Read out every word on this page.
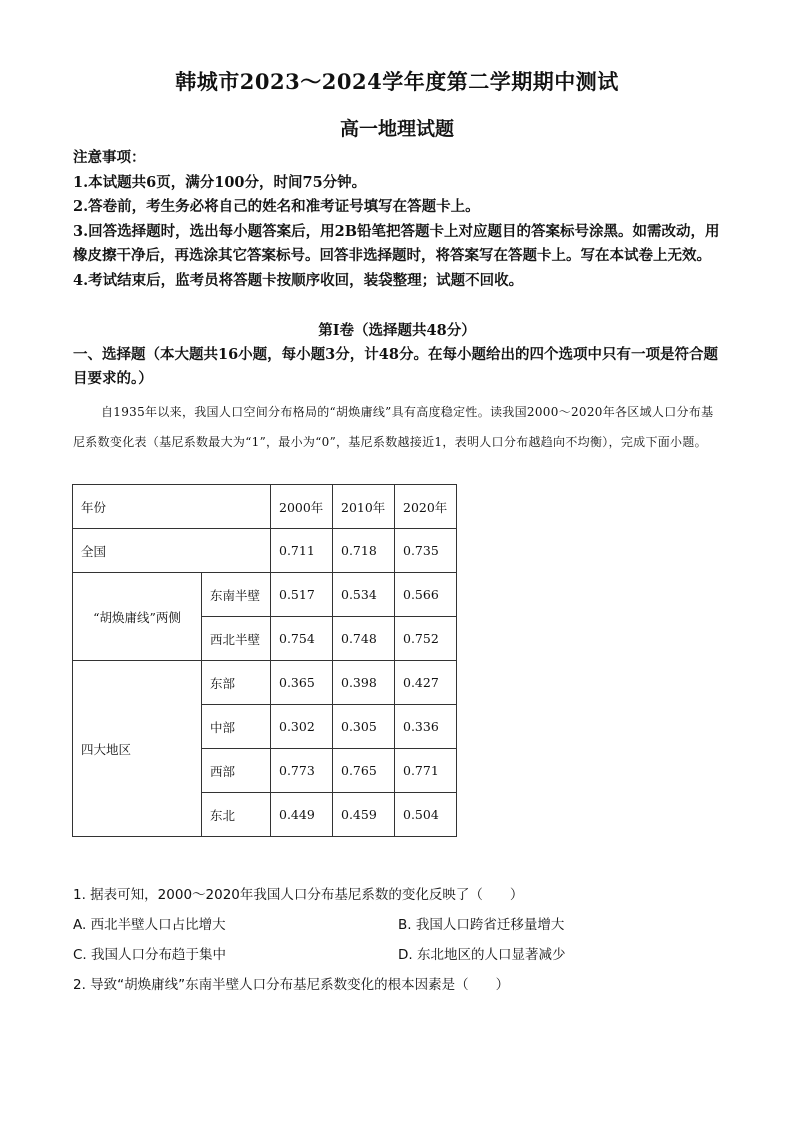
韩城市2023～2024学年度第二学期期中测试
高一地理试题
注意事项：
1.本试题共6页，满分100分，时间75分钟。
2.答卷前，考生务必将自己的姓名和准考证号填写在答题卡上。
3.回答选择题时，选出每小题答案后，用2B铅笔把答题卡上对应题目的答案标号涂黑。如需改动，用橡皮擦干净后，再选涂其它答案标号。回答非选择题时，将答案写在答题卡上。写在本试卷上无效。
4.考试结束后，监考员将答题卡按顺序收回，装袋整理；试题不回收。
第Ⅰ卷（选择题共48分）
一、选择题（本大题共16小题，每小题3分，计48分。在每小题给出的四个选项中只有一项是符合题目要求的。）
自1935年以来，我国人口空间分布格局的“胡焕庸线”具有高度稳定性。读我国2000～2020年各区域人口分布基尼系数变化表（基尼系数最大为“1”，最小为“0”，基尼系数越接近1，表明人口分布越趋向不均衡），完成下面小题。
年份		2000年	2010年	2020年
全国		0.711	0.718	0.735
“胡焕庸线”两侧	东南半壁	0.517	0.534	0.566
	西北半壁	0.754	0.748	0.752
四大地区	东部	0.365	0.398	0.427
	中部	0.302	0.305	0.336
	西部	0.773	0.765	0.771
	东北	0.449	0.459	0.504
1. 据表可知，2000～2020年我国人口分布基尼系数的变化反映了（　　）
A. 西北半壁人口占比增大	B. 我国人口跨省迁移量增大
C. 我国人口分布趋于集中	D. 东北地区的人口显著减少
2. 导致“胡焕庸线”东南半壁人口分布基尼系数变化的根本因素是（　　）
